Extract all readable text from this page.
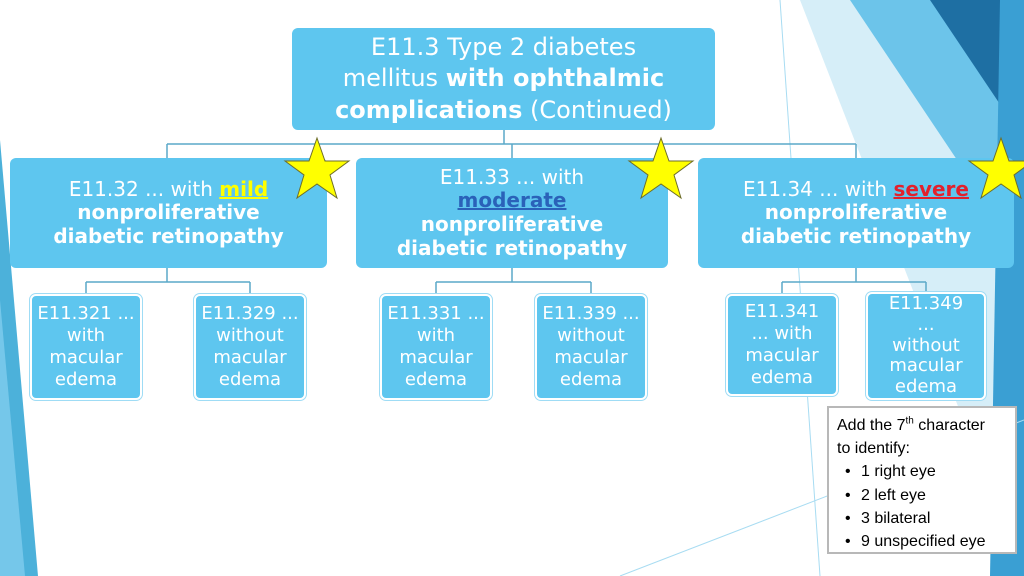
E11.3 Type 2 diabetes
mellitus with ophthalmic
complications (Continued)
E11.32 ... with mild
nonproliferative
diabetic retinopathy
E11.33 ... with
moderate
nonproliferative
diabetic retinopathy
E11.34 ... with severe
nonproliferative
diabetic retinopathy
E11.321 ...
with
macular
edema
E11.329 ...
without
macular
edema
E11.331 ...
with
macular
edema
E11.339 ...
without
macular
edema
E11.341
... with
macular
edema
E11.349
...
without
macular
edema
Add the 7th character
to identify:
• 1 right eye
• 2 left eye
• 3 bilateral
• 9 unspecified eye
